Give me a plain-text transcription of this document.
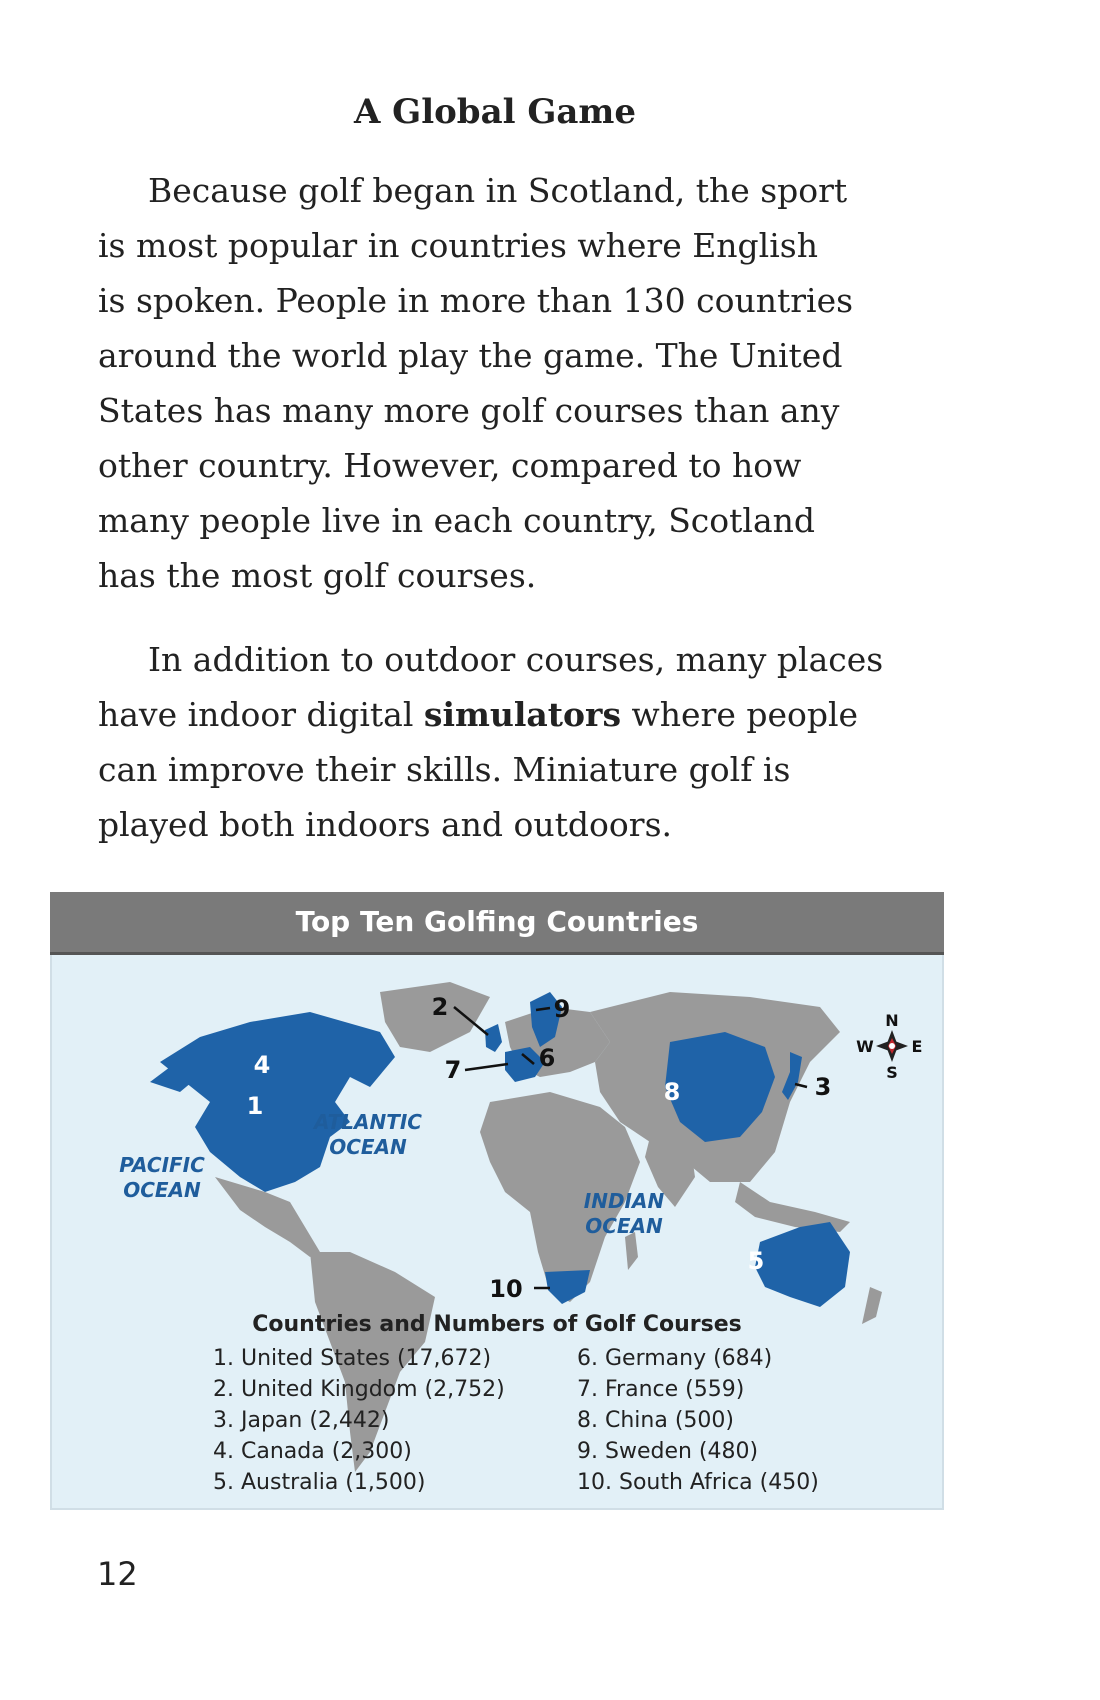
A Global Game
Because golf began in Scotland, the sport
is most popular in countries where English
is spoken. People in more than 130 countries
around the world play the game. The United
States has many more golf courses than any
other country. However, compared to how
many people live in each country, Scotland
has the most golf courses.
In addition to outdoor courses, many places
have indoor digital simulators where people
can improve their skills. Miniature golf is
played both indoors and outdoors.
Top Ten Golfing Countries
PACIFIC
OCEAN
ATLANTIC
OCEAN
INDIAN
OCEAN
1
2
3
4
5
6
7
8
9
10
N
S
E
W
Countries and Numbers of Golf Courses
1. United States (17,672)
2. United Kingdom (2,752)
3. Japan (2,442)
4. Canada (2,300)
5. Australia (1,500)
6. Germany (684)
7. France (559)
8. China (500)
9. Sweden (480)
10. South Africa (450)
12
